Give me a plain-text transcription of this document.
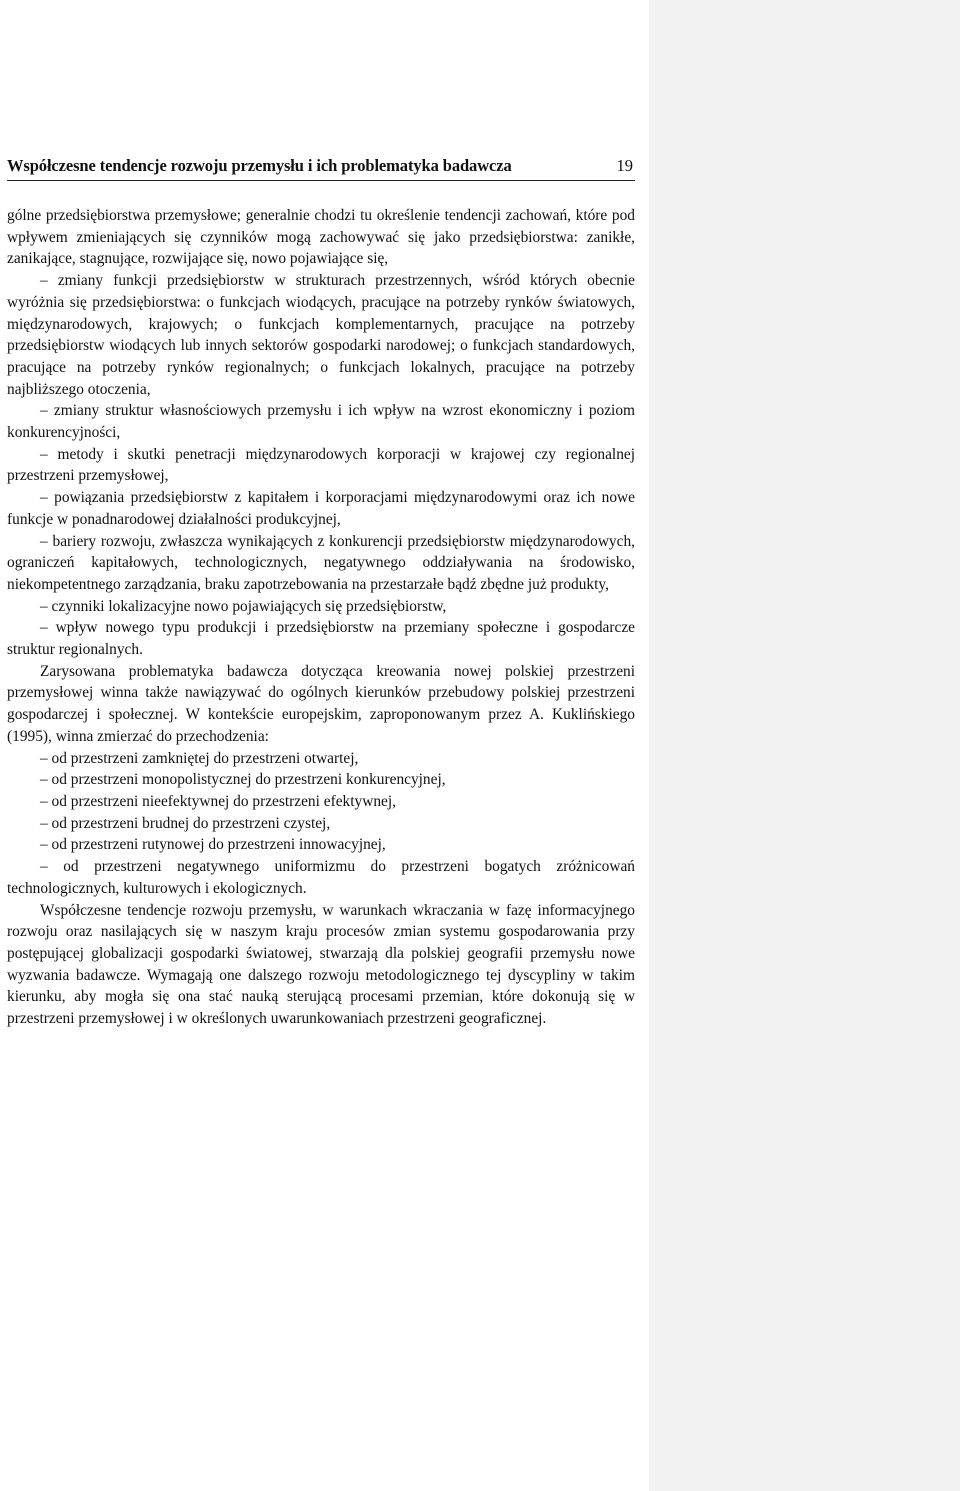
Współczesne tendencje rozwoju przemysłu i ich problematyka badawcza	19

gólne przedsiębiorstwa przemysłowe; generalnie chodzi tu określenie tendencji zachowań, które pod wpływem zmieniających się czynników mogą zachowywać się jako przedsiębiorstwa: zanikłe, zanikające, stagnujące, rozwijające się, nowo pojawiające się,

– zmiany funkcji przedsiębiorstw w strukturach przestrzennych, wśród których obecnie wyróżnia się przedsiębiorstwa: o funkcjach wiodących, pracujące na potrzeby rynków światowych, międzynarodowych, krajowych; o funkcjach komplementarnych, pracujące na potrzeby przedsiębiorstw wiodących lub innych sektorów gospodarki narodowej; o funkcjach standardowych, pracujące na potrzeby rynków regionalnych; o funkcjach lokalnych, pracujące na potrzeby najbliższego otoczenia,

– zmiany struktur własnościowych przemysłu i ich wpływ na wzrost ekonomiczny i poziom konkurencyjności,

– metody i skutki penetracji międzynarodowych korporacji w krajowej czy regionalnej przestrzeni przemysłowej,

– powiązania przedsiębiorstw z kapitałem i korporacjami międzynarodowymi oraz ich nowe funkcje w ponadnarodowej działalności produkcyjnej,

– bariery rozwoju, zwłaszcza wynikających z konkurencji przedsiębiorstw międzynarodowych, ograniczeń kapitałowych, technologicznych, negatywnego oddziaływania na środowisko, niekompetentnego zarządzania, braku zapotrzebowania na przestarzałe bądź zbędne już produkty,

– czynniki lokalizacyjne nowo pojawiających się przedsiębiorstw,

– wpływ nowego typu produkcji i przedsiębiorstw na przemiany społeczne i gospodarcze struktur regionalnych.

Zarysowana problematyka badawcza dotycząca kreowania nowej polskiej przestrzeni przemysłowej winna także nawiązywać do ogólnych kierunków przebudowy polskiej przestrzeni gospodarczej i społecznej. W kontekście europejskim, zaproponowanym przez A. Kuklińskiego (1995), winna zmierzać do przechodzenia:

– od przestrzeni zamkniętej do przestrzeni otwartej,

– od przestrzeni monopolistycznej do przestrzeni konkurencyjnej,

– od przestrzeni nieefektywnej do przestrzeni efektywnej,

– od przestrzeni brudnej do przestrzeni czystej,

– od przestrzeni rutynowej do przestrzeni innowacyjnej,

– od przestrzeni negatywnego uniformizmu do przestrzeni bogatych zróżnicowań technologicznych, kulturowych i ekologicznych.

Współczesne tendencje rozwoju przemysłu, w warunkach wkraczania w fazę informacyjnego rozwoju oraz nasilających się w naszym kraju procesów zmian systemu gospodarowania przy postępującej globalizacji gospodarki światowej, stwarzają dla polskiej geografii przemysłu nowe wyzwania badawcze. Wymagają one dalszego rozwoju metodologicznego tej dyscypliny w takim kierunku, aby mogła się ona stać nauką sterującą procesami przemian, które dokonują się w przestrzeni przemysłowej i w określonych uwarunkowaniach przestrzeni geograficznej.
